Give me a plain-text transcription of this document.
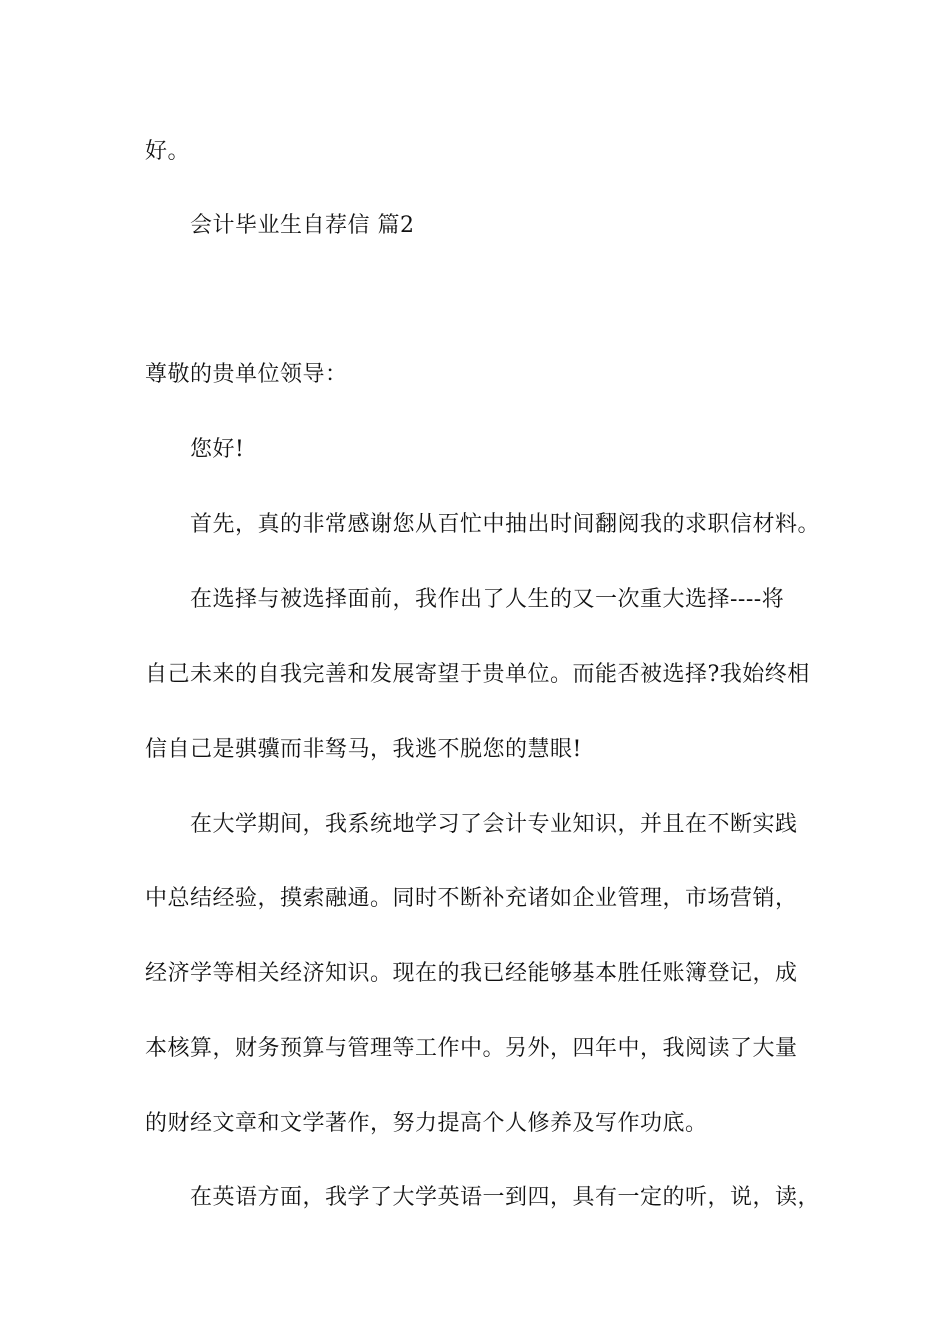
好。
会计毕业生自荐信 篇2
尊敬的贵单位领导：
您好!
首先，真的非常感谢您从百忙中抽出时间翻阅我的求职信材料。
在选择与被选择面前，我作出了人生的又一次重大选择----将
自己未来的自我完善和发展寄望于贵单位。而能否被选择?我始终相
信自己是骐骥而非驽马，我逃不脱您的慧眼!
在大学期间，我系统地学习了会计专业知识，并且在不断实践
中总结经验，摸索融通。同时不断补充诸如企业管理，市场营销，
经济学等相关经济知识。现在的我已经能够基本胜任账簿登记，成
本核算，财务预算与管理等工作中。另外，四年中，我阅读了大量
的财经文章和文学著作，努力提高个人修养及写作功底。
在英语方面，我学了大学英语一到四，具有一定的听，说，读，
